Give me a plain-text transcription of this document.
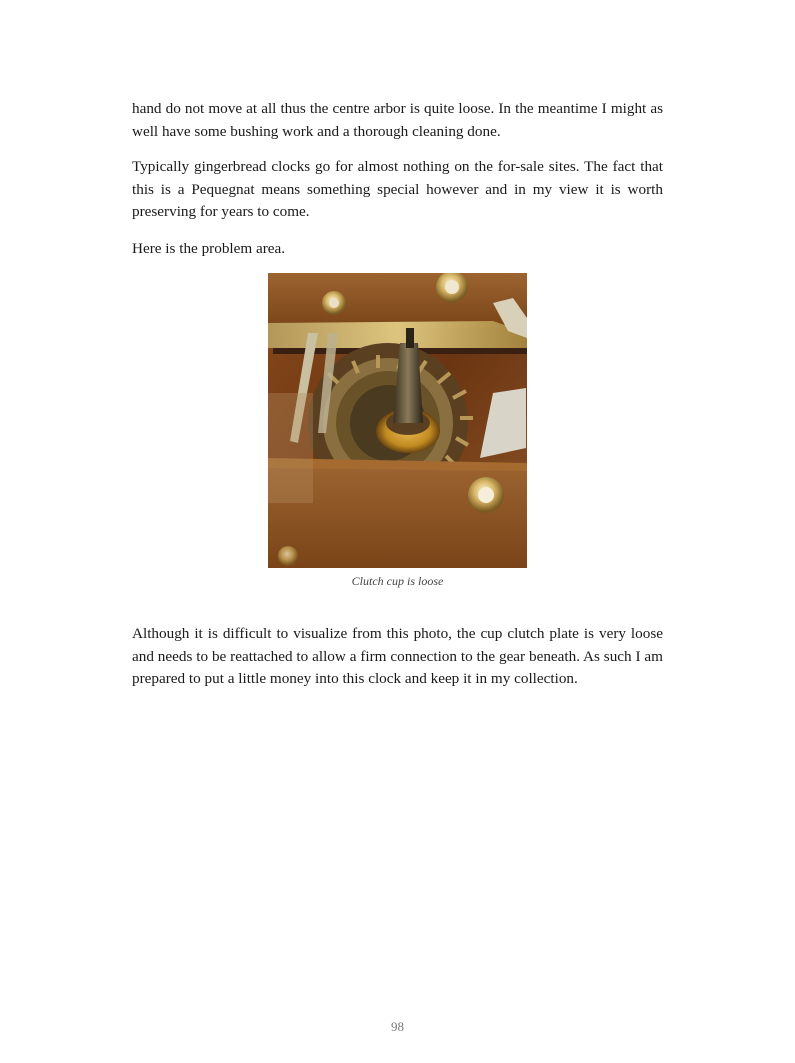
hand do not move at all thus the centre arbor is quite loose. In the meantime I might as well have some bushing work and a thorough cleaning done.

Typically gingerbread clocks go for almost nothing on the for-sale sites. The fact that this is a Pequegnat means something special however and in my view it is worth preserving for years to come.

Here is the problem area.

Clutch cup is loose

Although it is difficult to visualize from this photo, the cup clutch plate is very loose and needs to be reattached to allow a firm connection to the gear beneath. As such I am prepared to put a little money into this clock and keep it in my collection.

98
